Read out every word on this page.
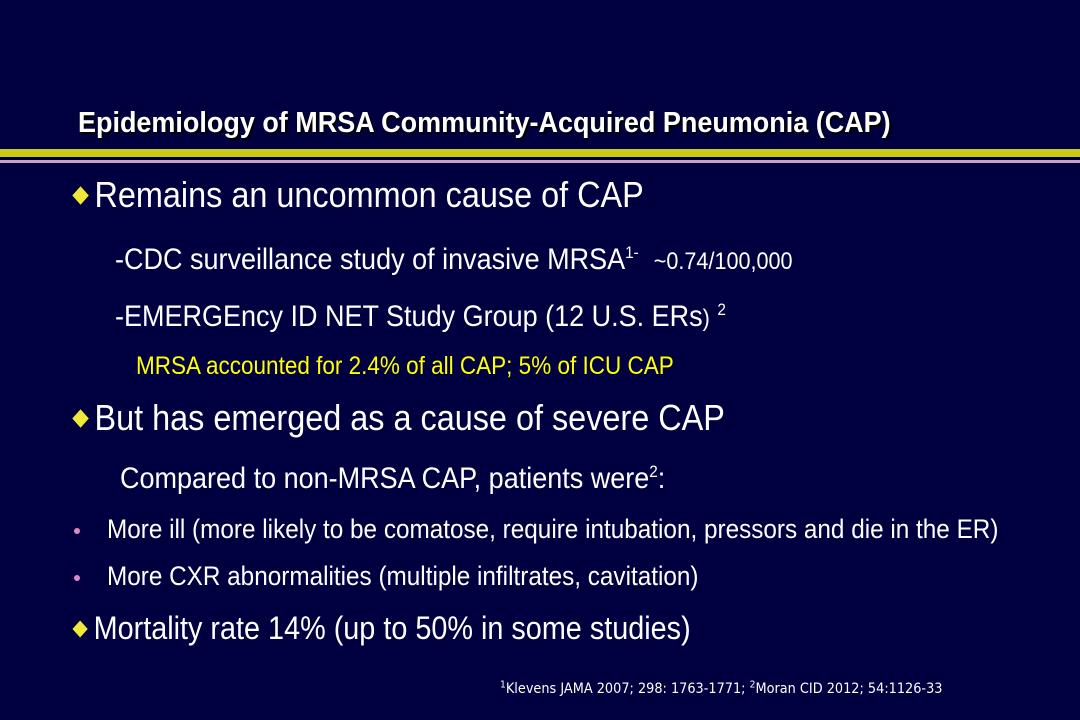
Epidemiology of MRSA Community-Acquired Pneumonia (CAP)
Remains an uncommon cause of CAP
-CDC surveillance study of invasive $MRSA^{1-}$ ~0.74/100,000
-EMERGEncy ID NET Study Group (12 U.S. ERs) $^2$
MRSA accounted for 2.4% of all CAP; 5% of ICU CAP
But has emerged as a cause of severe CAP
Compared to non-MRSA CAP, patients were$^2$:
More ill (more likely to be comatose, require intubation, pressors and die in the ER)
More CXR abnormalities (multiple infiltrates, cavitation)
Mortality rate 14% (up to 50% in some studies)
$^1$Klevens JAMA 2007; 298: 1763-1771; $^2$Moran CID 2012; 54:1126-33
